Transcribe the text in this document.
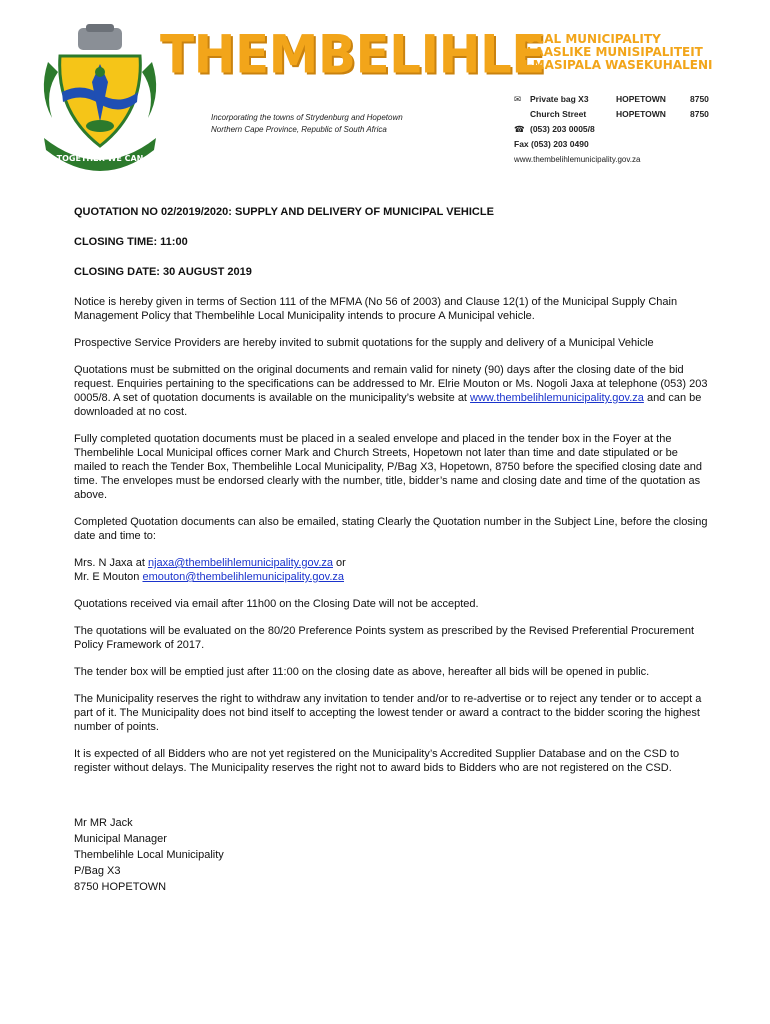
TOGETHER WE CAN
THEMBELIHLE
LOCAL MUNICIPALITY
PLAASLIKE MUNISIPALITEIT
U-MASIPALA WASEKUHALENI
Incorporating the towns of Strydenburg and Hopetown
Northern Cape Province, Republic of South Africa
✉	Private bag X3	HOPETOWN	8750
Church Street	HOPETOWN	8750
☎ (053) 203 0005/8
Fax (053) 203 0490
www.thembelihlemunicipality.gov.za
QUOTATION NO 02/2019/2020: SUPPLY AND DELIVERY OF MUNICIPAL VEHICLE
CLOSING TIME: 11:00
CLOSING DATE: 30 AUGUST 2019

Notice is hereby given in terms of Section 111 of the MFMA (No 56 of 2003) and Clause 12(1) of the Municipal Supply Chain Management Policy that Thembelihle Local Municipality intends to procure A Municipal vehicle.

Prospective Service Providers are hereby invited to submit quotations for the supply and delivery of a Municipal Vehicle

Quotations must be submitted on the original documents and remain valid for ninety (90) days after the closing date of the bid request. Enquiries pertaining to the specifications can be addressed to Mr. Elrie Mouton or Ms. Nogoli Jaxa at telephone (053) 203 0005/8. A set of quotation documents is available on the municipality’s website at www.thembelihlemunicipality.gov.za and can be downloaded at no cost.

Fully completed quotation documents must be placed in a sealed envelope and placed in the tender box in the Foyer at the Thembelihle Local Municipal offices corner Mark and Church Streets, Hopetown not later than time and date stipulated or be mailed to reach the Tender Box, Thembelihle Local Municipality, P/Bag X3, Hopetown, 8750 before the specified closing date and time. The envelopes must be endorsed clearly with the number, title, bidder’s name and closing date and time of the quotation as above.

Completed Quotation documents can also be emailed, stating Clearly the Quotation number in the Subject Line, before the closing date and time to:

Mrs. N Jaxa at njaxa@thembelihlemunicipality.gov.za or
Mr. E Mouton emouton@thembelihlemunicipality.gov.za

Quotations received via email after 11h00 on the Closing Date will not be accepted.

The quotations will be evaluated on the 80/20 Preference Points system as prescribed by the Revised Preferential Procurement Policy Framework of 2017.

The tender box will be emptied just after 11:00 on the closing date as above, hereafter all bids will be opened in public.

The Municipality reserves the right to withdraw any invitation to tender and/or to re-advertise or to reject any tender or to accept a part of it. The Municipality does not bind itself to accepting the lowest tender or award a contract to the bidder scoring the highest number of points.

It is expected of all Bidders who are not yet registered on the Municipality’s Accredited Supplier Database and on the CSD to register without delays. The Municipality reserves the right not to award bids to Bidders who are not registered on the CSD.

Mr MR Jack
Municipal Manager
Thembelihle Local Municipality
P/Bag X3
8750 HOPETOWN
